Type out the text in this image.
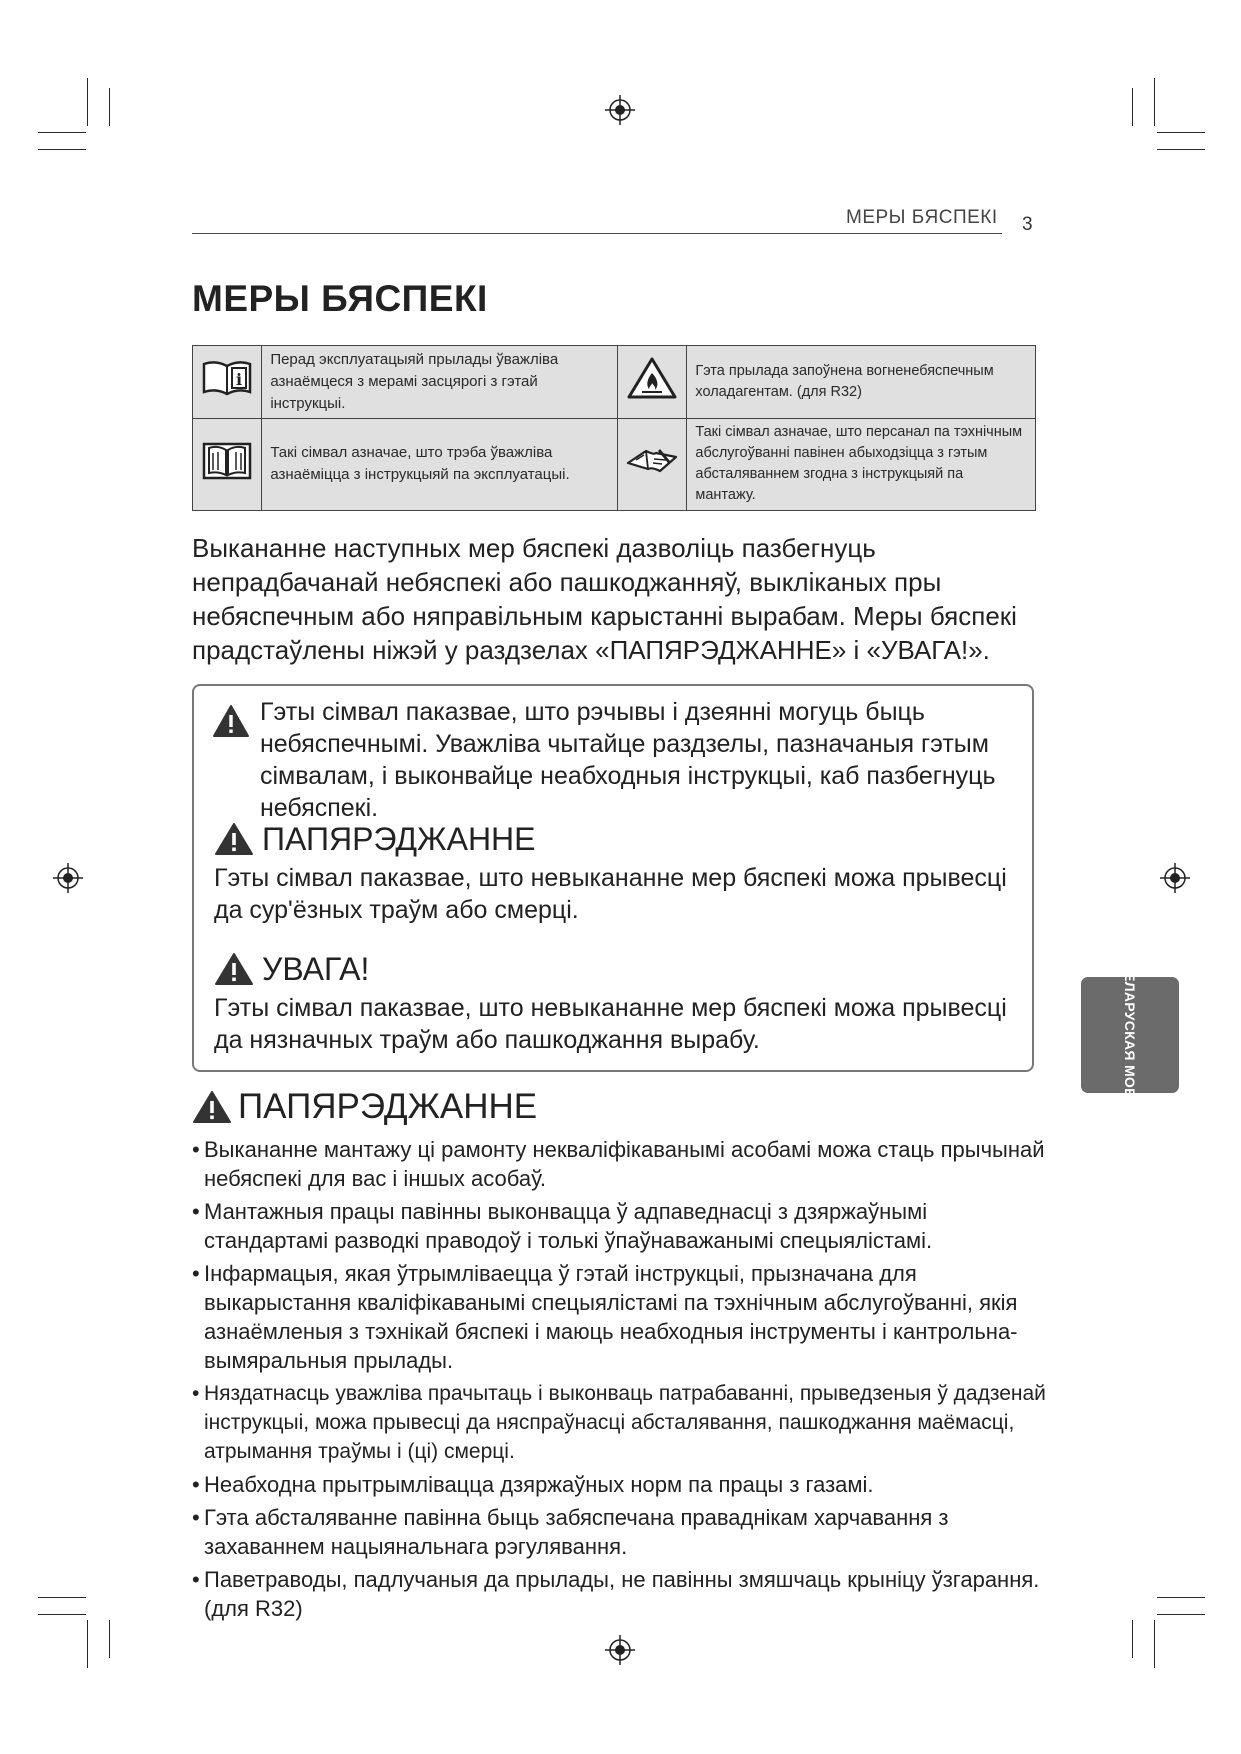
МЕРЫ БЯСПЕКІ 3
МЕРЫ БЯСПЕКІ
i	Перад эксплуатацыяй прылады ўважліва азнаёмцеся з мерамі засцярогі з гэтай інструкцыі.		Гэта прылада запоўнена вогненебяспечным холадагентам. (для R32)
	Такі сімвал азначае, што трэба ўважліва азнаёміцца з інструкцыяй па эксплуатацыі.		Такі сімвал азначае, што персанал па тэхнічным абслугоўванні павінен абыходзіцца з гэтым абсталяваннем згодна з інструкцыяй па мантажу.

Выкананне наступных мер бяспекі дазволіць пазбегнуць непрадбачанай небяспекі або пашкоджанняў, выкліканых пры небяспечным або няправільным карыстанні вырабам. Меры бяспекі прадстаўлены ніжэй у раздзелах «ПАПЯРЭДЖАННЕ» і «УВАГА!».

Гэты сімвал паказвае, што рэчывы і дзеянні могуць быць небяспечнымі. Уважліва чытайце раздзелы, пазначаныя гэтым сімвалам, і выконвайце неабходныя інструкцыі, каб пазбегнуць небяспекі.

ПАПЯРЭДЖАННЕ

Гэты сімвал паказвае, што невыкананне мер бяспекі можа прывесці да сур'ёзных траўм або смерці.

УВАГА!

Гэты сімвал паказвае, што невыкананне мер бяспекі можа прывесці да нязначных траўм або пашкоджання вырабу.

ПАПЯРЭДЖАННЕ
• Выкананне мантажу ці рамонту некваліфікаванымі асобамі можа стаць прычынай небяспекі для вас і іншых асобаў.
• Мантажныя працы павінны выконвацца ў адпаведнасці з дзяржаўнымі стандартамі разводкі праводоў і толькі ўпаўнаважанымі спецыялістамі.
• Інфармацыя, якая ўтрымліваецца ў гэтай інструкцыі, прызначана для выкарыстання кваліфікаванымі спецыялістамі па тэхнічным абслугоўванні, якія азнаёмленыя з тэхнікай бяспекі і маюць неабходныя інструменты і кантрольна-вымяральныя прылады.
• Няздатнасць уважліва прачытаць і выконваць патрабаванні, прыведзеныя ў дадзенай інструкцыі, можа прывесці да няспраўнасці абсталявання, пашкоджання маёмасці, атрымання траўмы і (ці) смерці.
• Неабходна прытрымлівацца дзяржаўных норм па працы з газамі.
• Гэта абсталяванне павінна быць забяспечана праваднікам харчавання з захаваннем нацыянальнага рэгулявання.
• Паветраводы, падлучаныя да прылады, не павінны змяшчаць крыніцу ўзгарання. (для R32)
БЕЛАРУСКАЯ МОВА
